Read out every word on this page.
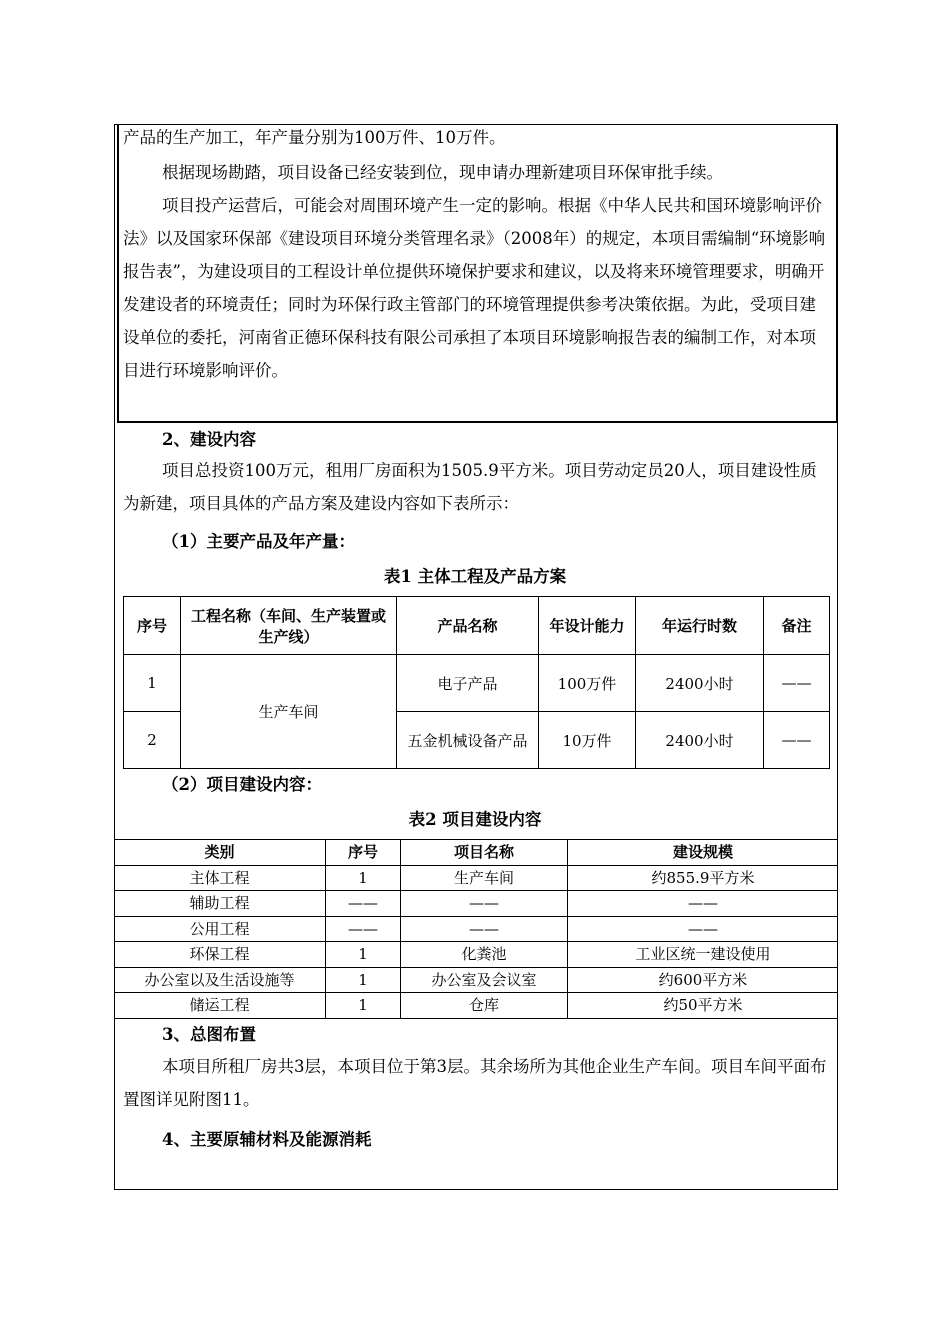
产品的生产加工，年产量分别为100万件、10万件。
根据现场勘踏，项目设备已经安装到位，现申请办理新建项目环保审批手续。
项目投产运营后，可能会对周围环境产生一定的影响。根据《中华人民共和国环境影响评价法》以及国家环保部《建设项目环境分类管理名录》（2008年）的规定，本项目需编制“环境影响报告表”，为建设项目的工程设计单位提供环境保护要求和建议，以及将来环境管理要求，明确开发建设者的环境责任；同时为环保行政主管部门的环境管理提供参考决策依据。为此，受项目建设单位的委托，河南省正德环保科技有限公司承担了本项目环境影响报告表的编制工作，对本项目进行环境影响评价。
2、建设内容
项目总投资100万元，租用厂房面积为1505.9平方米。项目劳动定员20人，项目建设性质为新建，项目具体的产品方案及建设内容如下表所示：
（1）主要产品及年产量：
表1 主体工程及产品方案
序号	工程名称（车间、生产装置或生产线）	产品名称	年设计能力	年运行时数	备注
1	生产车间	电子产品	100万件	2400小时	——
2		五金机械设备产品	10万件	2400小时	——
（2）项目建设内容：
表2 项目建设内容
类别	序号	项目名称	建设规模
主体工程	1	生产车间	约855.9平方米
辅助工程	——	——	——
公用工程	——	——	——
环保工程	1	化粪池	工业区统一建设使用
办公室以及生活设施等	1	办公室及会议室	约600平方米
储运工程	1	仓库	约50平方米
3、总图布置
本项目所租厂房共3层，本项目位于第3层。其余场所为其他企业生产车间。项目车间平面布置图详见附图11。
4、主要原辅材料及能源消耗
